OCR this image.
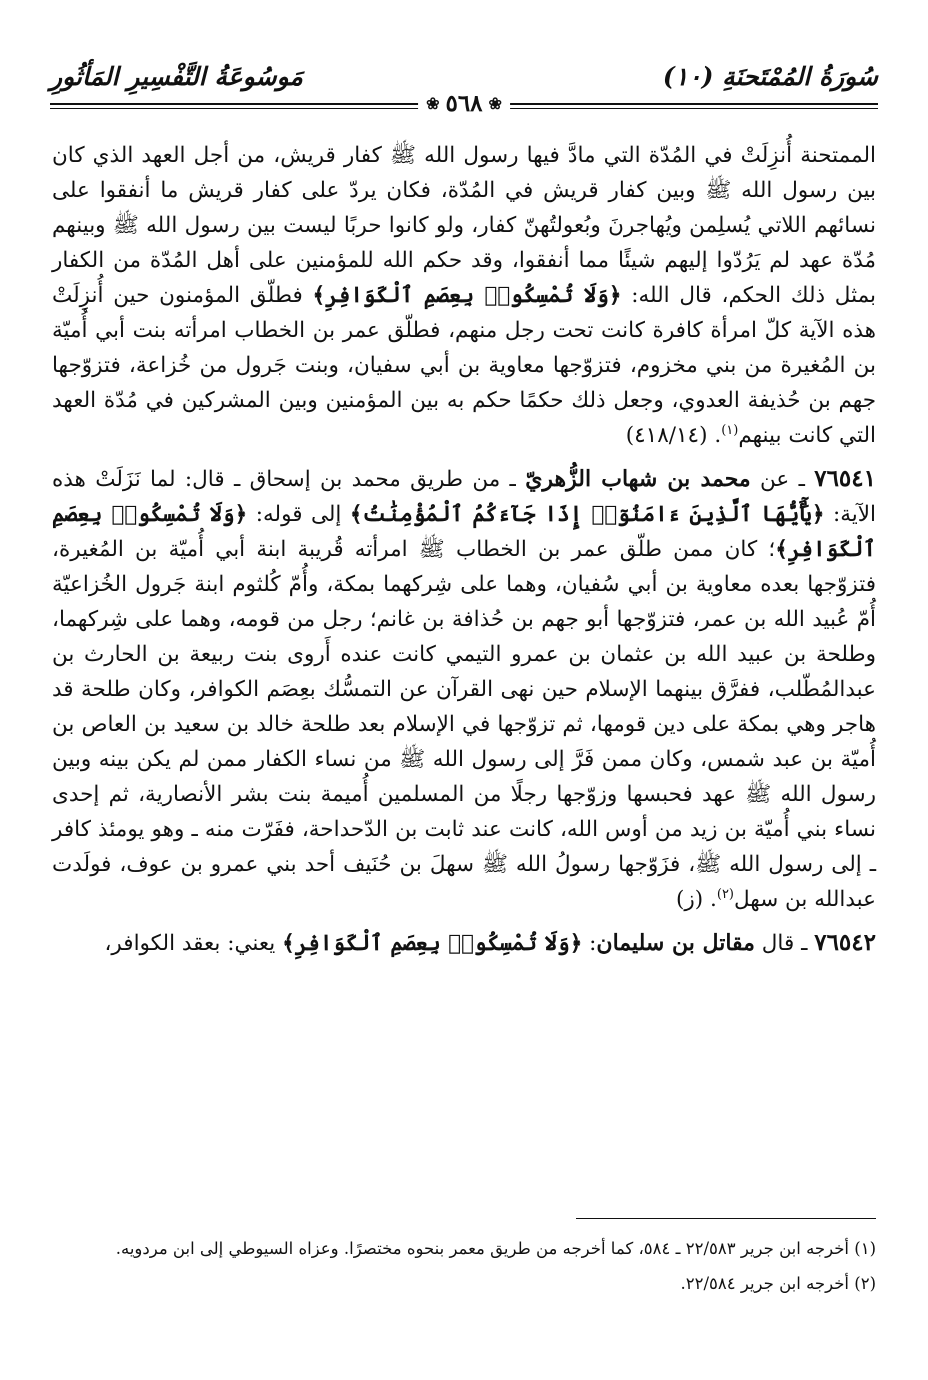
سُورَةُ المُمْتَحنَةِ (١٠)
❀
٥٦٨
❀
مَوسُوعَةُ التَّفْسِيرِ المَأثُورِ

الممتحنة أُنزِلَتْ في المُدّة التي مادَّ فيها رسول الله ﷺ كفار قريش، من أجل العهد الذي كان بين رسول الله ﷺ وبين كفار قريش في المُدّة، فكان يردّ على كفار قريش ما أنفقوا على نسائهم اللاتي يُسلِمن ويُهاجرنَ وبُعولتُهنّ كفار، ولو كانوا حربًا ليست بين رسول الله ﷺ وبينهم مُدّة عهد لم يَرُدّوا إليهم شيئًا مما أنفقوا، وقد حكم الله للمؤمنين على أهل المُدّة من الكفار بمثل ذلك الحكم، قال الله: ﴿وَلَا تُمْسِكُوا۟ بِعِصَمِ ٱلْكَوَافِرِ﴾ فطلّق المؤمنون حين أُنزِلَتْ هذه الآية كلّ امرأة كافرة كانت تحت رجل منهم، فطلّق عمر بن الخطاب امرأته بنت أبي أُميّة بن المُغيرة من بني مخزوم، فتزوّجها معاوية بن أبي سفيان، وبنت جَرول من خُزاعة، فتزوّجها جهم بن حُذيفة العدوي، وجعل ذلك حكمًا حكم به بين المؤمنين وبين المشركين في مُدّة العهد التي كانت بينهم$^{(١)}$. (٤١٨/١٤)

٧٦٥٤١ ـ عن محمد بن شهاب الزُّهريّ ـ من طريق محمد بن إسحاق ـ قال: لما نَزَلَتْ هذه الآية: ﴿يَٰٓأَيُّهَا ٱلَّذِينَ ءَامَنُوٓا۟ إِذَا جَآءَكُمُ ٱلْمُؤْمِنَٰتُ﴾ إلى قوله: ﴿وَلَا تُمْسِكُوا۟ بِعِصَمِ ٱلْكَوَافِرِ﴾؛ كان ممن طلّق عمر بن الخطاب ﷺ امرأته قُريبة ابنة أبي أُميّة بن المُغيرة، فتزوّجها بعده معاوية بن أبي سُفيان، وهما على شِركهما بمكة، وأُمّ كُلثوم ابنة جَرول الخُزاعيّة أُمّ عُبيد الله بن عمر، فتزوّجها أبو جهم بن حُذافة بن غانم؛ رجل من قومه، وهما على شِركهما، وطلحة بن عبيد الله بن عثمان بن عمرو التيمي كانت عنده أَروى بنت ربيعة بن الحارث بن عبدالمُطّلب، ففرَّق بينهما الإسلام حين نهى القرآن عن التمسُّك بعِصَم الكوافر، وكان طلحة قد هاجر وهي بمكة على دين قومها، ثم تزوّجها في الإسلام بعد طلحة خالد بن سعيد بن العاص بن أُميّة بن عبد شمس، وكان ممن فَرَّ إلى رسول الله ﷺ من نساء الكفار ممن لم يكن بينه وبين رسول الله ﷺ عهد فحبسها وزوّجها رجلًا من المسلمين أُميمة بنت بشر الأنصارية، ثم إحدى نساء بني أُميّة بن زيد من أوس الله، كانت عند ثابت بن الدّحداحة، ففَرّت منه ـ وهو يومئذ كافر ـ إلى رسول الله ﷺ، فزَوّجها رسولُ الله ﷺ سهلَ بن حُنَيف أحد بني عمرو بن عوف، فولَدت عبدالله بن سهل$^{(٢)}$. (ز)

٧٦٥٤٢ ـ قال مقاتل بن سليمان: ﴿وَلَا تُمْسِكُوا۟ بِعِصَمِ ٱلْكَوَافِرِ﴾ يعني: بعقد الكوافر،

(١) أخرجه ابن جرير ٢٢/٥٨٣ ـ ٥٨٤، كما أخرجه من طريق معمر بنحوه مختصرًا. وعزاه السيوطي إلى ابن مردويه.

(٢) أخرجه ابن جرير ٢٢/٥٨٤.
